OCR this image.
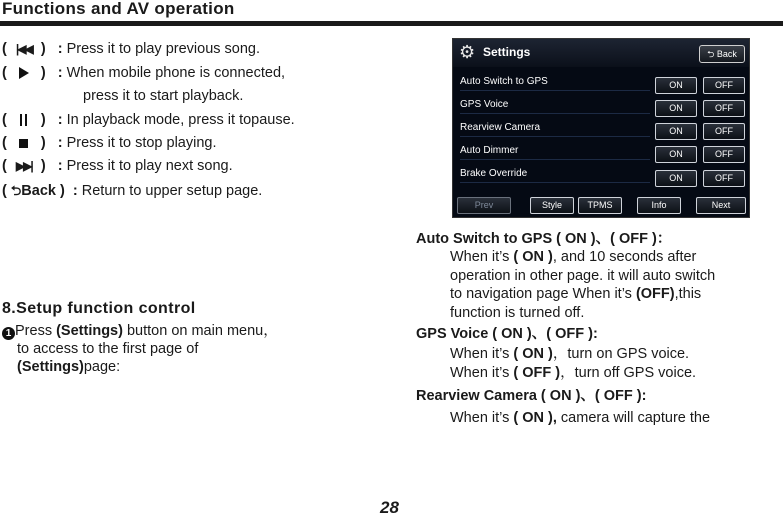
Functions and AV operation
( |◀◀ ) : Press it to play previous song.
( ) : When mobile phone is connected,
press it to start playback.
( ) : In playback mode, press it topause.
( ) : Press it to stop playing.
( ▶▶| ) : Press it to play next song.
( ⮌Back ) : Return to upper setup page.
8.Setup function control
1 Press (Settings) button on main menu，
to access to the first page of
(Settings)page:
⚙ Settings	⮌ Back
Auto Switch to GPS	ON	OFF
GPS Voice	ON	OFF
Rearview Camera	ON	OFF
Auto Dimmer	ON	OFF
Brake Override	ON	OFF
Prev	Style	TPMS	Info	Next
Auto Switch to GPS ( ON )、( OFF )：
When it’s ( ON ), and 10 seconds after
operation in other page. it will auto switch
to navigation page When it’s (OFF),this
function is turned off.
GPS Voice ( ON )、( OFF ):
When it’s ( ON )，turn on GPS voice.
When it’s ( OFF )，turn off GPS voice.
Rearview Camera ( ON )、( OFF ):
When it’s ( ON ), camera will capture the
28
